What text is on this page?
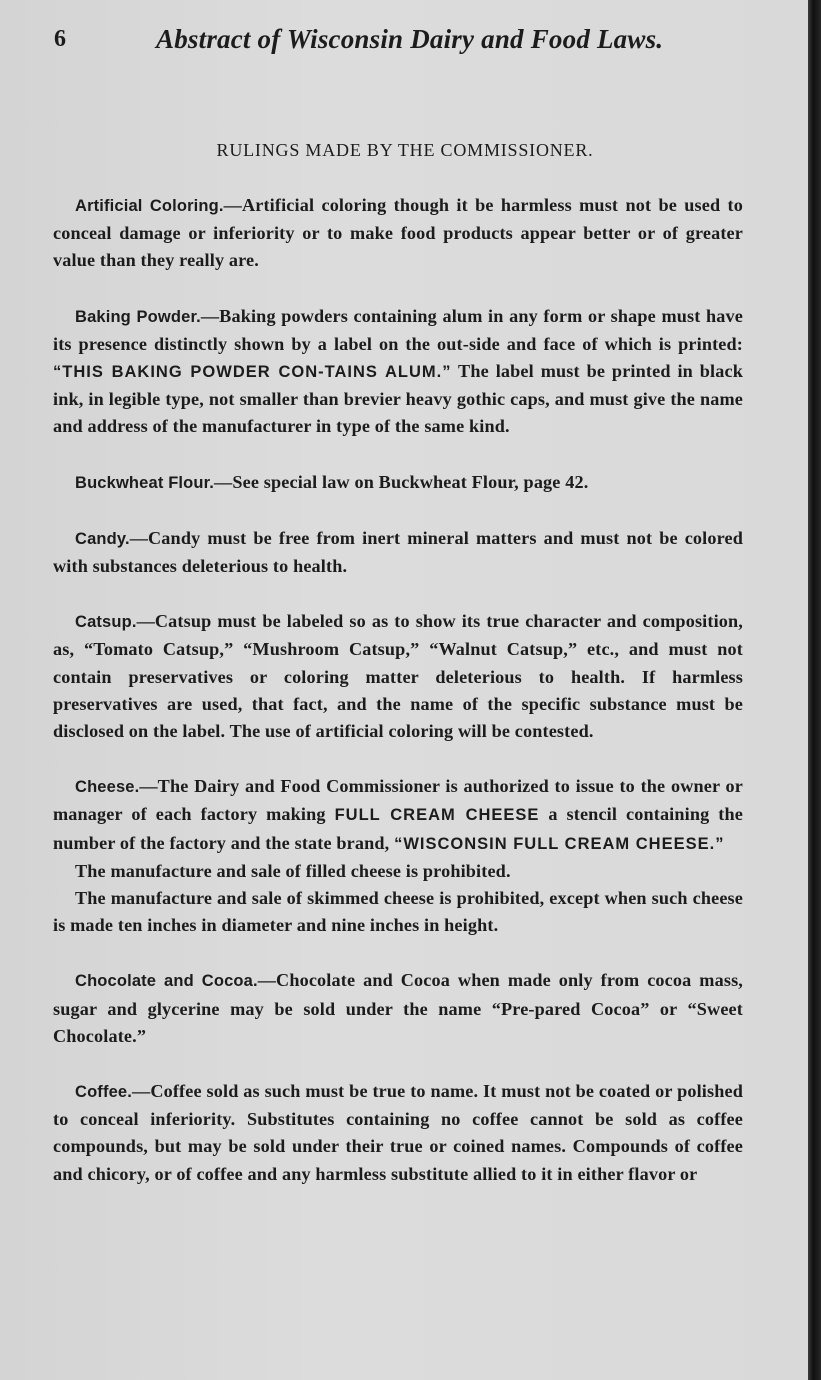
6	Abstract of Wisconsin Dairy and Food Laws.
RULINGS MADE BY THE COMMISSIONER.

Artificial Coloring.—Artificial coloring though it be harmless must not be used to conceal damage or inferiority or to make food products appear better or of greater value than they really are.

Baking Powder.—Baking powders containing alum in any form or shape must have its presence distinctly shown by a label on the out-side and face of which is printed: “THIS BAKING POWDER CON-TAINS ALUM.” The label must be printed in black ink, in legible type, not smaller than brevier heavy gothic caps, and must give the name and address of the manufacturer in type of the same kind.

Buckwheat Flour.—See special law on Buckwheat Flour, page 42.

Candy.—Candy must be free from inert mineral matters and must not be colored with substances deleterious to health.

Catsup.—Catsup must be labeled so as to show its true character and composition, as, “Tomato Catsup,” “Mushroom Catsup,” “Walnut Catsup,” etc., and must not contain preservatives or coloring matter deleterious to health. If harmless preservatives are used, that fact, and the name of the specific substance must be disclosed on the label. The use of artificial coloring will be contested.

Cheese.—The Dairy and Food Commissioner is authorized to issue to the owner or manager of each factory making FULL CREAM CHEESE a stencil containing the number of the factory and the state brand, “WISCONSIN FULL CREAM CHEESE.”
The manufacture and sale of filled cheese is prohibited.
The manufacture and sale of skimmed cheese is prohibited, except when such cheese is made ten inches in diameter and nine inches in height.

Chocolate and Cocoa.—Chocolate and Cocoa when made only from cocoa mass, sugar and glycerine may be sold under the name “Pre-pared Cocoa” or “Sweet Chocolate.”

Coffee.—Coffee sold as such must be true to name. It must not be coated or polished to conceal inferiority. Substitutes containing no coffee cannot be sold as coffee compounds, but may be sold under their true or coined names. Compounds of coffee and chicory, or of coffee and any harmless substitute allied to it in either flavor or
